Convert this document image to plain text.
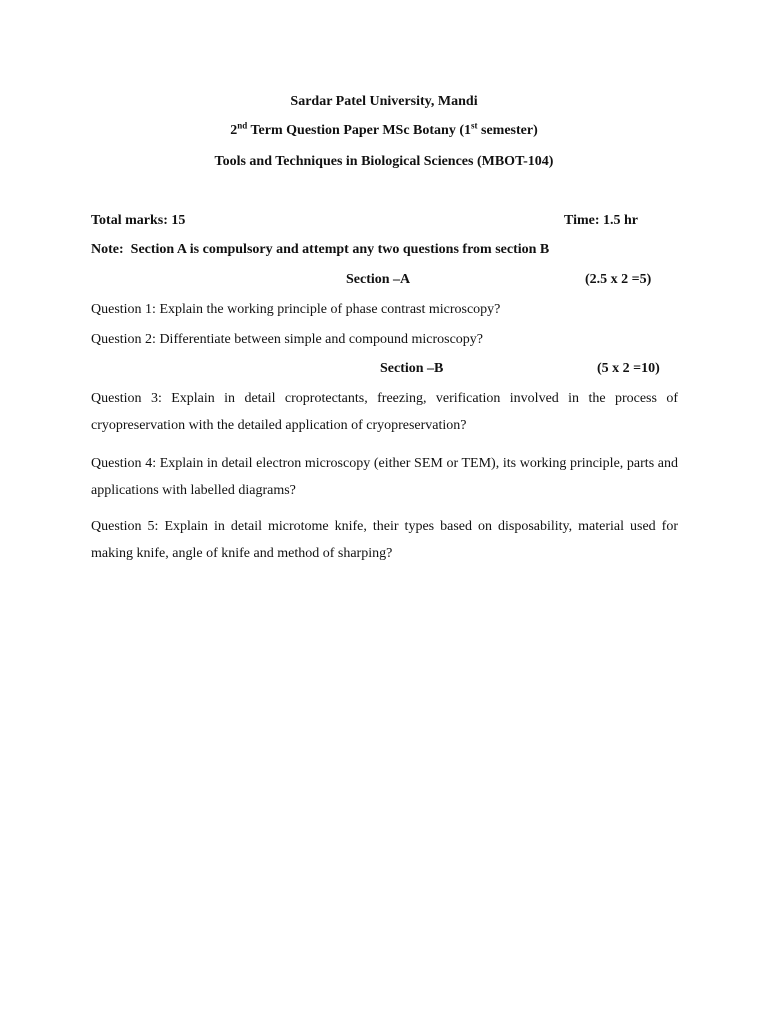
Sardar Patel University, Mandi
2nd Term Question Paper MSc Botany (1st semester)
Tools and Techniques in Biological Sciences (MBOT-104)
Total marks: 15	Time: 1.5 hr
Note: Section A is compulsory and attempt any two questions from section B
Section –A	(2.5 x 2 =5)
Question 1: Explain the working principle of phase contrast microscopy?
Question 2: Differentiate between simple and compound microscopy?
Section –B	(5 x 2 =10)
Question 3: Explain in detail croprotectants, freezing, verification involved in the process of cryopreservation with the detailed application of cryopreservation?
Question 4: Explain in detail electron microscopy (either SEM or TEM), its working principle, parts and applications with labelled diagrams?
Question 5: Explain in detail microtome knife, their types based on disposability, material used for making knife, angle of knife and method of sharping?
